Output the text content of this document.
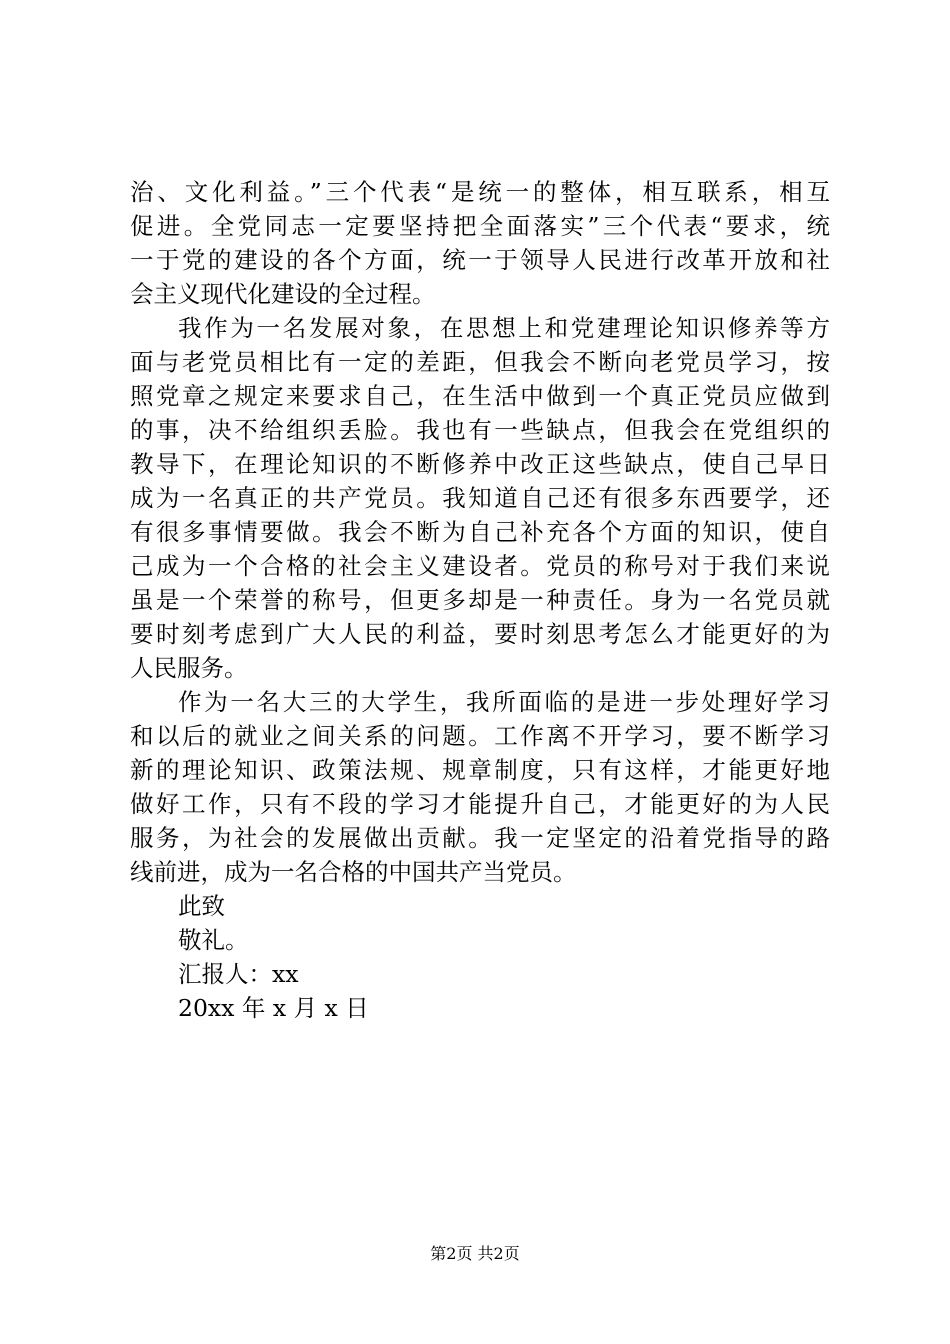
治、文化利益。”三个代表“是统一的整体，相互联系，相互
促进。全党同志一定要坚持把全面落实”三个代表“要求，统
一于党的建设的各个方面，统一于领导人民进行改革开放和社
会主义现代化建设的全过程。
我作为一名发展对象，在思想上和党建理论知识修养等方
面与老党员相比有一定的差距，但我会不断向老党员学习，按
照党章之规定来要求自己，在生活中做到一个真正党员应做到
的事，决不给组织丢脸。我也有一些缺点，但我会在党组织的
教导下，在理论知识的不断修养中改正这些缺点，使自己早日
成为一名真正的共产党员。我知道自己还有很多东西要学，还
有很多事情要做。我会不断为自己补充各个方面的知识，使自
己成为一个合格的社会主义建设者。党员的称号对于我们来说
虽是一个荣誉的称号，但更多却是一种责任。身为一名党员就
要时刻考虑到广大人民的利益，要时刻思考怎么才能更好的为
人民服务。
作为一名大三的大学生，我所面临的是进一步处理好学习
和以后的就业之间关系的问题。工作离不开学习，要不断学习
新的理论知识、政策法规、规章制度，只有这样，才能更好地
做好工作，只有不段的学习才能提升自己，才能更好的为人民
服务，为社会的发展做出贡献。我一定坚定的沿着党指导的路
线前进，成为一名合格的中国共产当党员。
此致
敬礼。
汇报人：xx
20xx 年 x 月 x 日
第2页 共2页
